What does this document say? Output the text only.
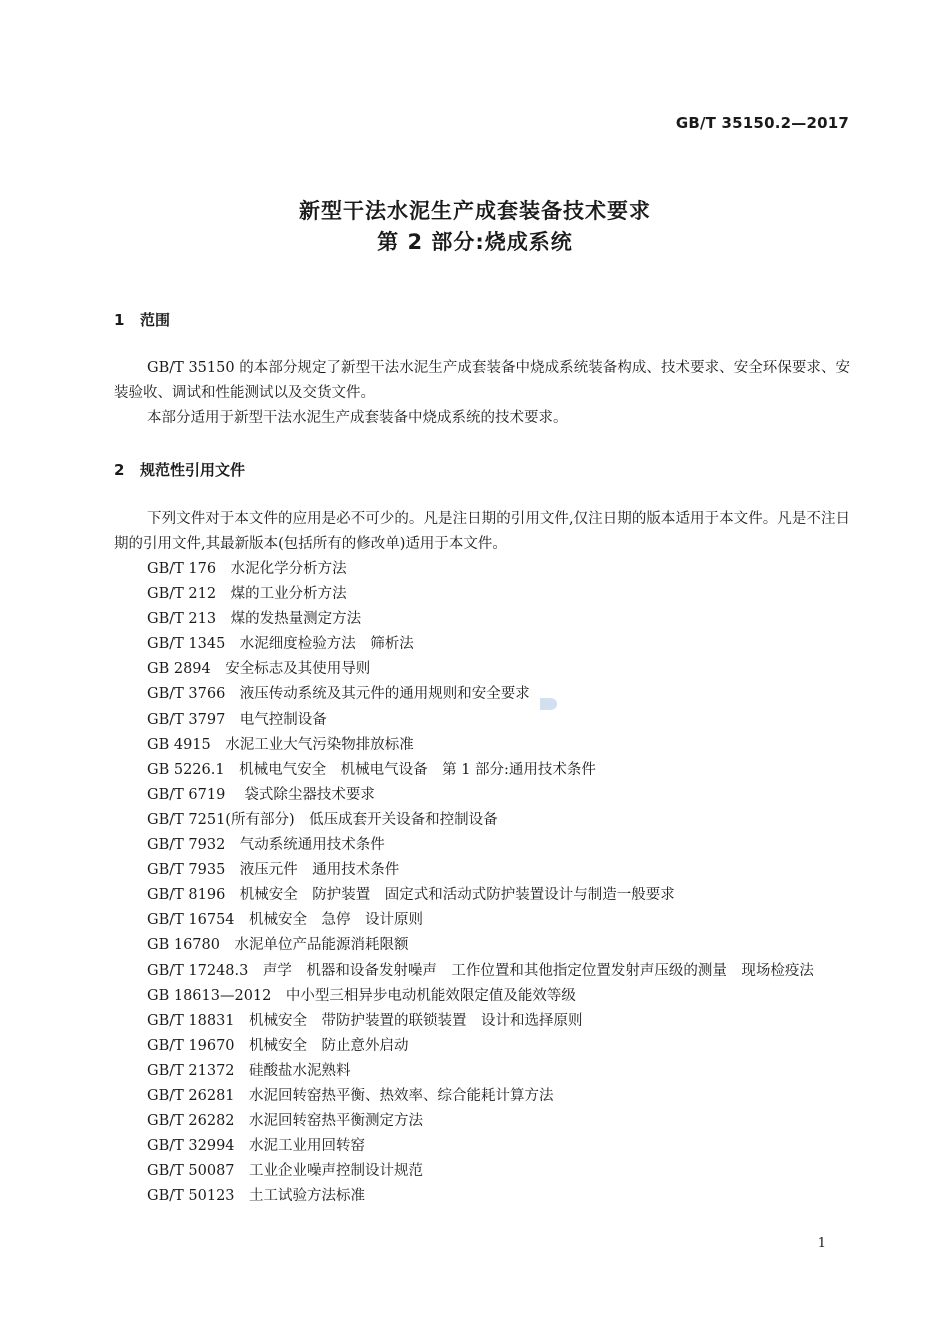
GB/T 35150.2—2017
新型干法水泥生产成套装备技术要求
第 2 部分:烧成系统
1 范围
GB/T 35150 的本部分规定了新型干法水泥生产成套装备中烧成系统装备构成、技术要求、安全环保要求、安装验收、调试和性能测试以及交货文件。
本部分适用于新型干法水泥生产成套装备中烧成系统的技术要求。
2 规范性引用文件
下列文件对于本文件的应用是必不可少的。凡是注日期的引用文件,仅注日期的版本适用于本文件。凡是不注日期的引用文件,其最新版本(包括所有的修改单)适用于本文件。
GB/T 176　水泥化学分析方法
GB/T 212　煤的工业分析方法
GB/T 213　煤的发热量测定方法
GB/T 1345　水泥细度检验方法　筛析法
GB 2894　安全标志及其使用导则
GB/T 3766　液压传动系统及其元件的通用规则和安全要求
GB/T 3797　电气控制设备
GB 4915　水泥工业大气污染物排放标准
GB 5226.1　机械电气安全　机械电气设备　第 1 部分:通用技术条件
GB/T 6719　 袋式除尘器技术要求
GB/T 7251(所有部分)　低压成套开关设备和控制设备
GB/T 7932　气动系统通用技术条件
GB/T 7935　液压元件　通用技术条件
GB/T 8196　机械安全　防护装置　固定式和活动式防护装置设计与制造一般要求
GB/T 16754　机械安全　急停　设计原则
GB 16780　水泥单位产品能源消耗限额
GB/T 17248.3　声学　机器和设备发射噪声　工作位置和其他指定位置发射声压级的测量　现场检疫法
GB 18613—2012　中小型三相异步电动机能效限定值及能效等级
GB/T 18831　机械安全　带防护装置的联锁装置　设计和选择原则
GB/T 19670　机械安全　防止意外启动
GB/T 21372　硅酸盐水泥熟料
GB/T 26281　水泥回转窑热平衡、热效率、综合能耗计算方法
GB/T 26282　水泥回转窑热平衡测定方法
GB/T 32994　水泥工业用回转窑
GB/T 50087　工业企业噪声控制设计规范
GB/T 50123　土工试验方法标准
1
